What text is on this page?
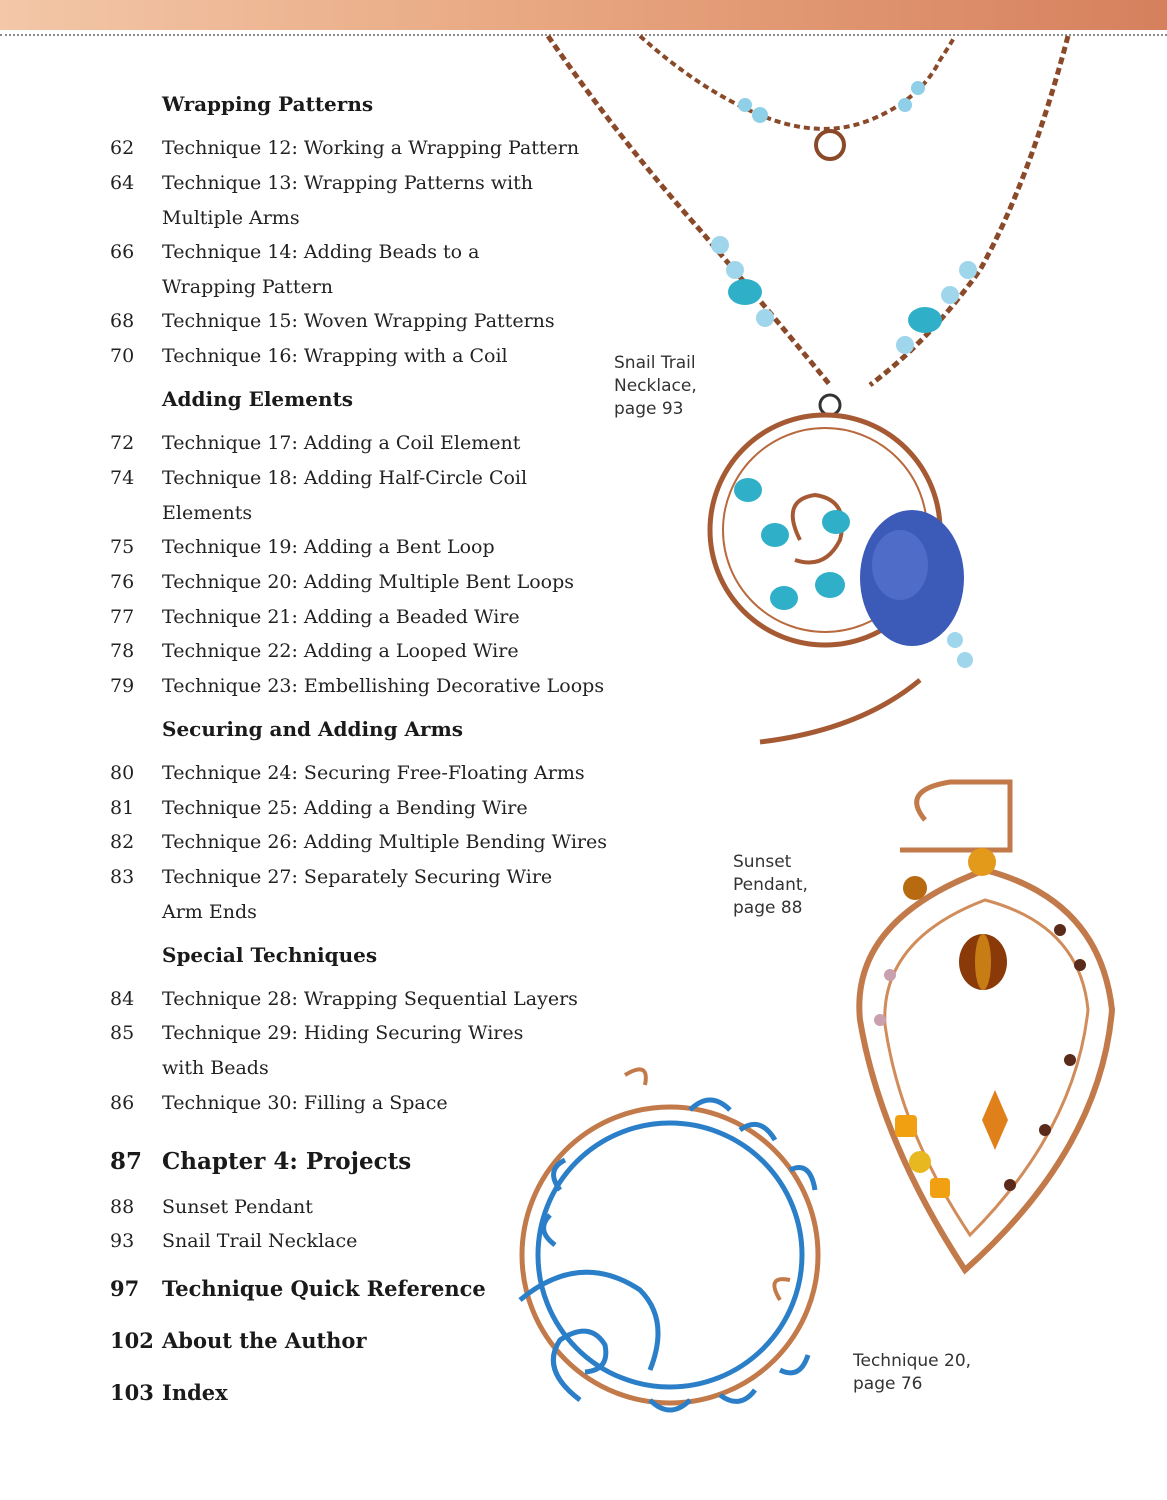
Snail Trail
Necklace,
page 93
Sunset
Pendant,
page 88
Technique 20,
page 76
Wrapping Patterns
62	Technique 12: Working a Wrapping Pattern
64	Technique 13: Wrapping Patterns with
Multiple Arms
66	Technique 14: Adding Beads to a
Wrapping Pattern
68	Technique 15: Woven Wrapping Patterns
70	Technique 16: Wrapping with a Coil
Adding Elements
72	Technique 17: Adding a Coil Element
74	Technique 18: Adding Half-Circle Coil
Elements
75	Technique 19: Adding a Bent Loop
76	Technique 20: Adding Multiple Bent Loops
77	Technique 21: Adding a Beaded Wire
78	Technique 22: Adding a Looped Wire
79	Technique 23: Embellishing Decorative Loops
Securing and Adding Arms
80	Technique 24: Securing Free-Floating Arms
81	Technique 25: Adding a Bending Wire
82	Technique 26: Adding Multiple Bending Wires
83	Technique 27: Separately Securing Wire
Arm Ends
Special Techniques
84	Technique 28: Wrapping Sequential Layers
85	Technique 29: Hiding Securing Wires
with Beads
86	Technique 30: Filling a Space
87 Chapter 4: Projects
88	Sunset Pendant
93	Snail Trail Necklace
97	Technique Quick Reference
102 About the Author
103 Index
